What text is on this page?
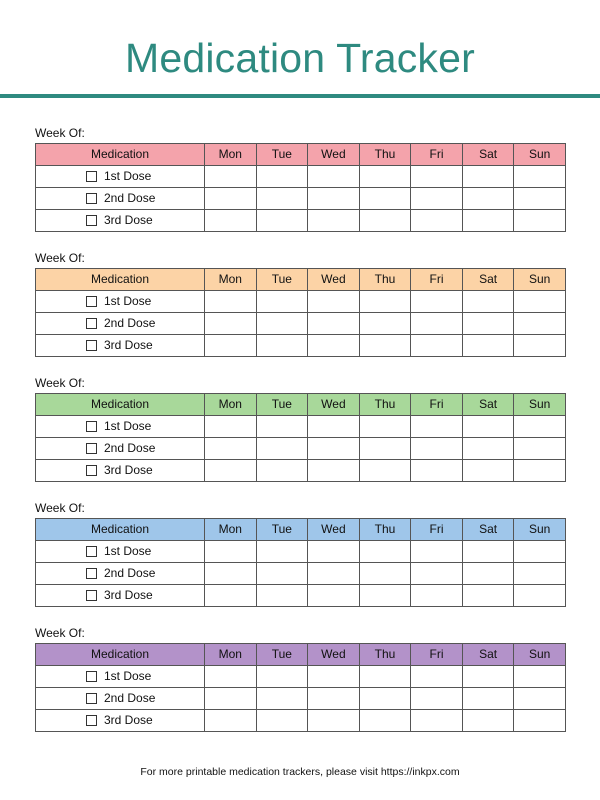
Medication Tracker
Week Of:
Medication	Mon	Tue	Wed	Thu	Fri	Sat	Sun

1st Dose							

2nd Dose							

3rd Dose							

Week Of:
Medication	Mon	Tue	Wed	Thu	Fri	Sat	Sun

1st Dose							

2nd Dose							

3rd Dose							

Week Of:
Medication	Mon	Tue	Wed	Thu	Fri	Sat	Sun

1st Dose							

2nd Dose							

3rd Dose							

Week Of:
Medication	Mon	Tue	Wed	Thu	Fri	Sat	Sun

1st Dose							

2nd Dose							

3rd Dose							

Week Of:
Medication	Mon	Tue	Wed	Thu	Fri	Sat	Sun

1st Dose							

2nd Dose							

3rd Dose							

For more printable medication trackers, please visit https://inkpx.com
